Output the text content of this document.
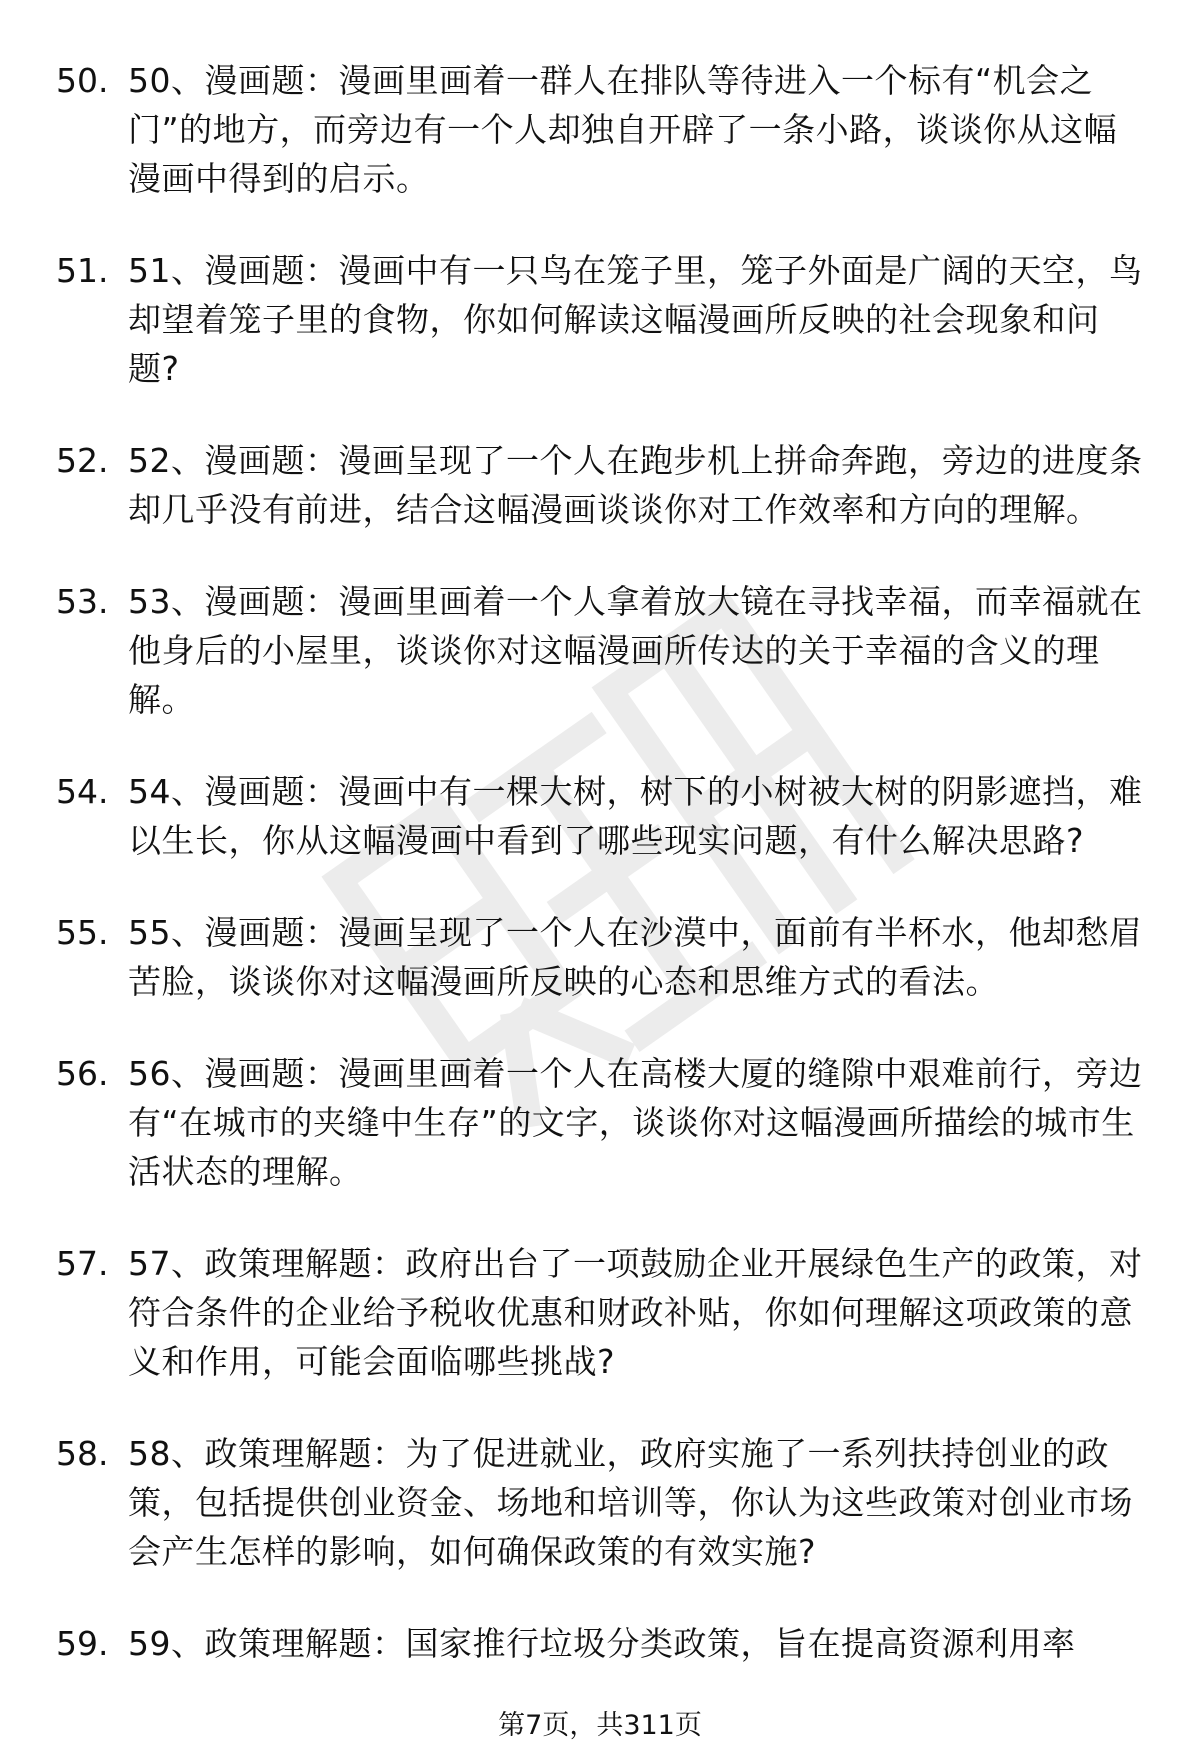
50. 50、漫画题：漫画里画着一群人在排队等待进入一个标有“机会之门”的地方，而旁边有一个人却独自开辟了一条小路，谈谈你从这幅漫画中得到的启示。
51. 51、漫画题：漫画中有一只鸟在笼子里，笼子外面是广阔的天空，鸟却望着笼子里的食物，你如何解读这幅漫画所反映的社会现象和问题?
52. 52、漫画题：漫画呈现了一个人在跑步机上拼命奔跑，旁边的进度条却几乎没有前进，结合这幅漫画谈谈你对工作效率和方向的理解。
53. 53、漫画题：漫画里画着一个人拿着放大镜在寻找幸福，而幸福就在他身后的小屋里，谈谈你对这幅漫画所传达的关于幸福的含义的理解。
54. 54、漫画题：漫画中有一棵大树，树下的小树被大树的阴影遮挡，难以生长，你从这幅漫画中看到了哪些现实问题，有什么解决思路?
55. 55、漫画题：漫画呈现了一个人在沙漠中，面前有半杯水，他却愁眉苦脸，谈谈你对这幅漫画所反映的心态和思维方式的看法。
56. 56、漫画题：漫画里画着一个人在高楼大厦的缝隙中艰难前行，旁边有“在城市的夹缝中生存”的文字，谈谈你对这幅漫画所描绘的城市生活状态的理解。
57. 57、政策理解题：政府出台了一项鼓励企业开展绿色生产的政策，对符合条件的企业给予税收优惠和财政补贴，你如何理解这项政策的意义和作用，可能会面临哪些挑战?
58. 58、政策理解题：为了促进就业，政府实施了一系列扶持创业的政策，包括提供创业资金、场地和培训等，你认为这些政策对创业市场会产生怎样的影响，如何确保政策的有效实施?
59. 59、政策理解题：国家推行垃圾分类政策，旨在提高资源利用率
第7页，共311页
